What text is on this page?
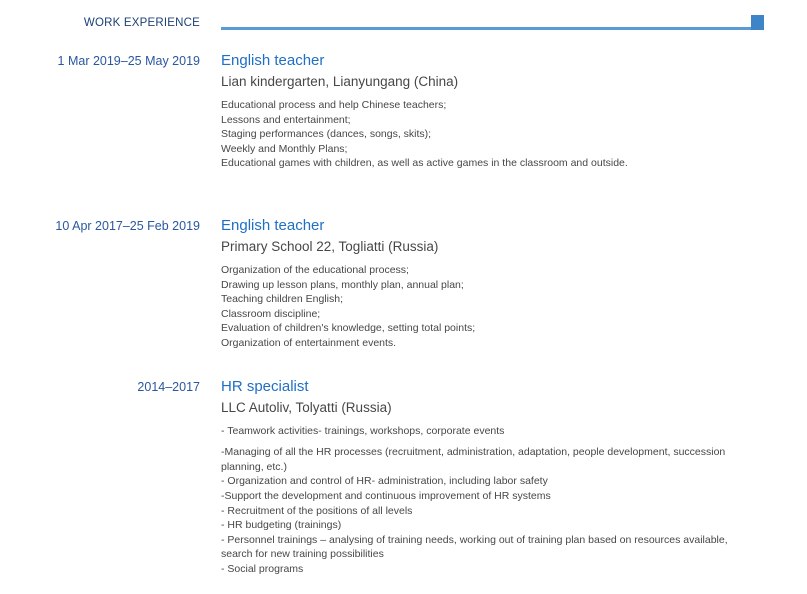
WORK EXPERIENCE
1 Mar 2019–25 May 2019 English teacher
Lian kindergarten, Lianyungang (China)
Educational process and help Chinese teachers;
Lessons and entertainment;
Staging performances (dances, songs, skits);
Weekly and Monthly Plans;
Educational games with children, as well as active games in the classroom and outside.
10 Apr 2017–25 Feb 2019 English teacher
Primary School 22, Togliatti (Russia)
Organization of the educational process;
Drawing up lesson plans, monthly plan, annual plan;
Teaching children English;
Classroom discipline;
Evaluation of children's knowledge, setting total points;
Organization of entertainment events.
2014–2017 HR specialist
LLC Autoliv, Tolyatti (Russia)
- Teamwork activities- trainings, workshops, corporate events
-Managing of all the HR processes (recruitment, administration, adaptation, people development, succession planning, etc.)
- Organization and control of HR- administration, including labor safety
-Support the development and continuous improvement of HR systems
- Recruitment of the positions of all levels
- HR budgeting (trainings)
- Personnel trainings – analysing of training needs, working out of training plan based on resources available, search for new training possibilities
- Social programs
